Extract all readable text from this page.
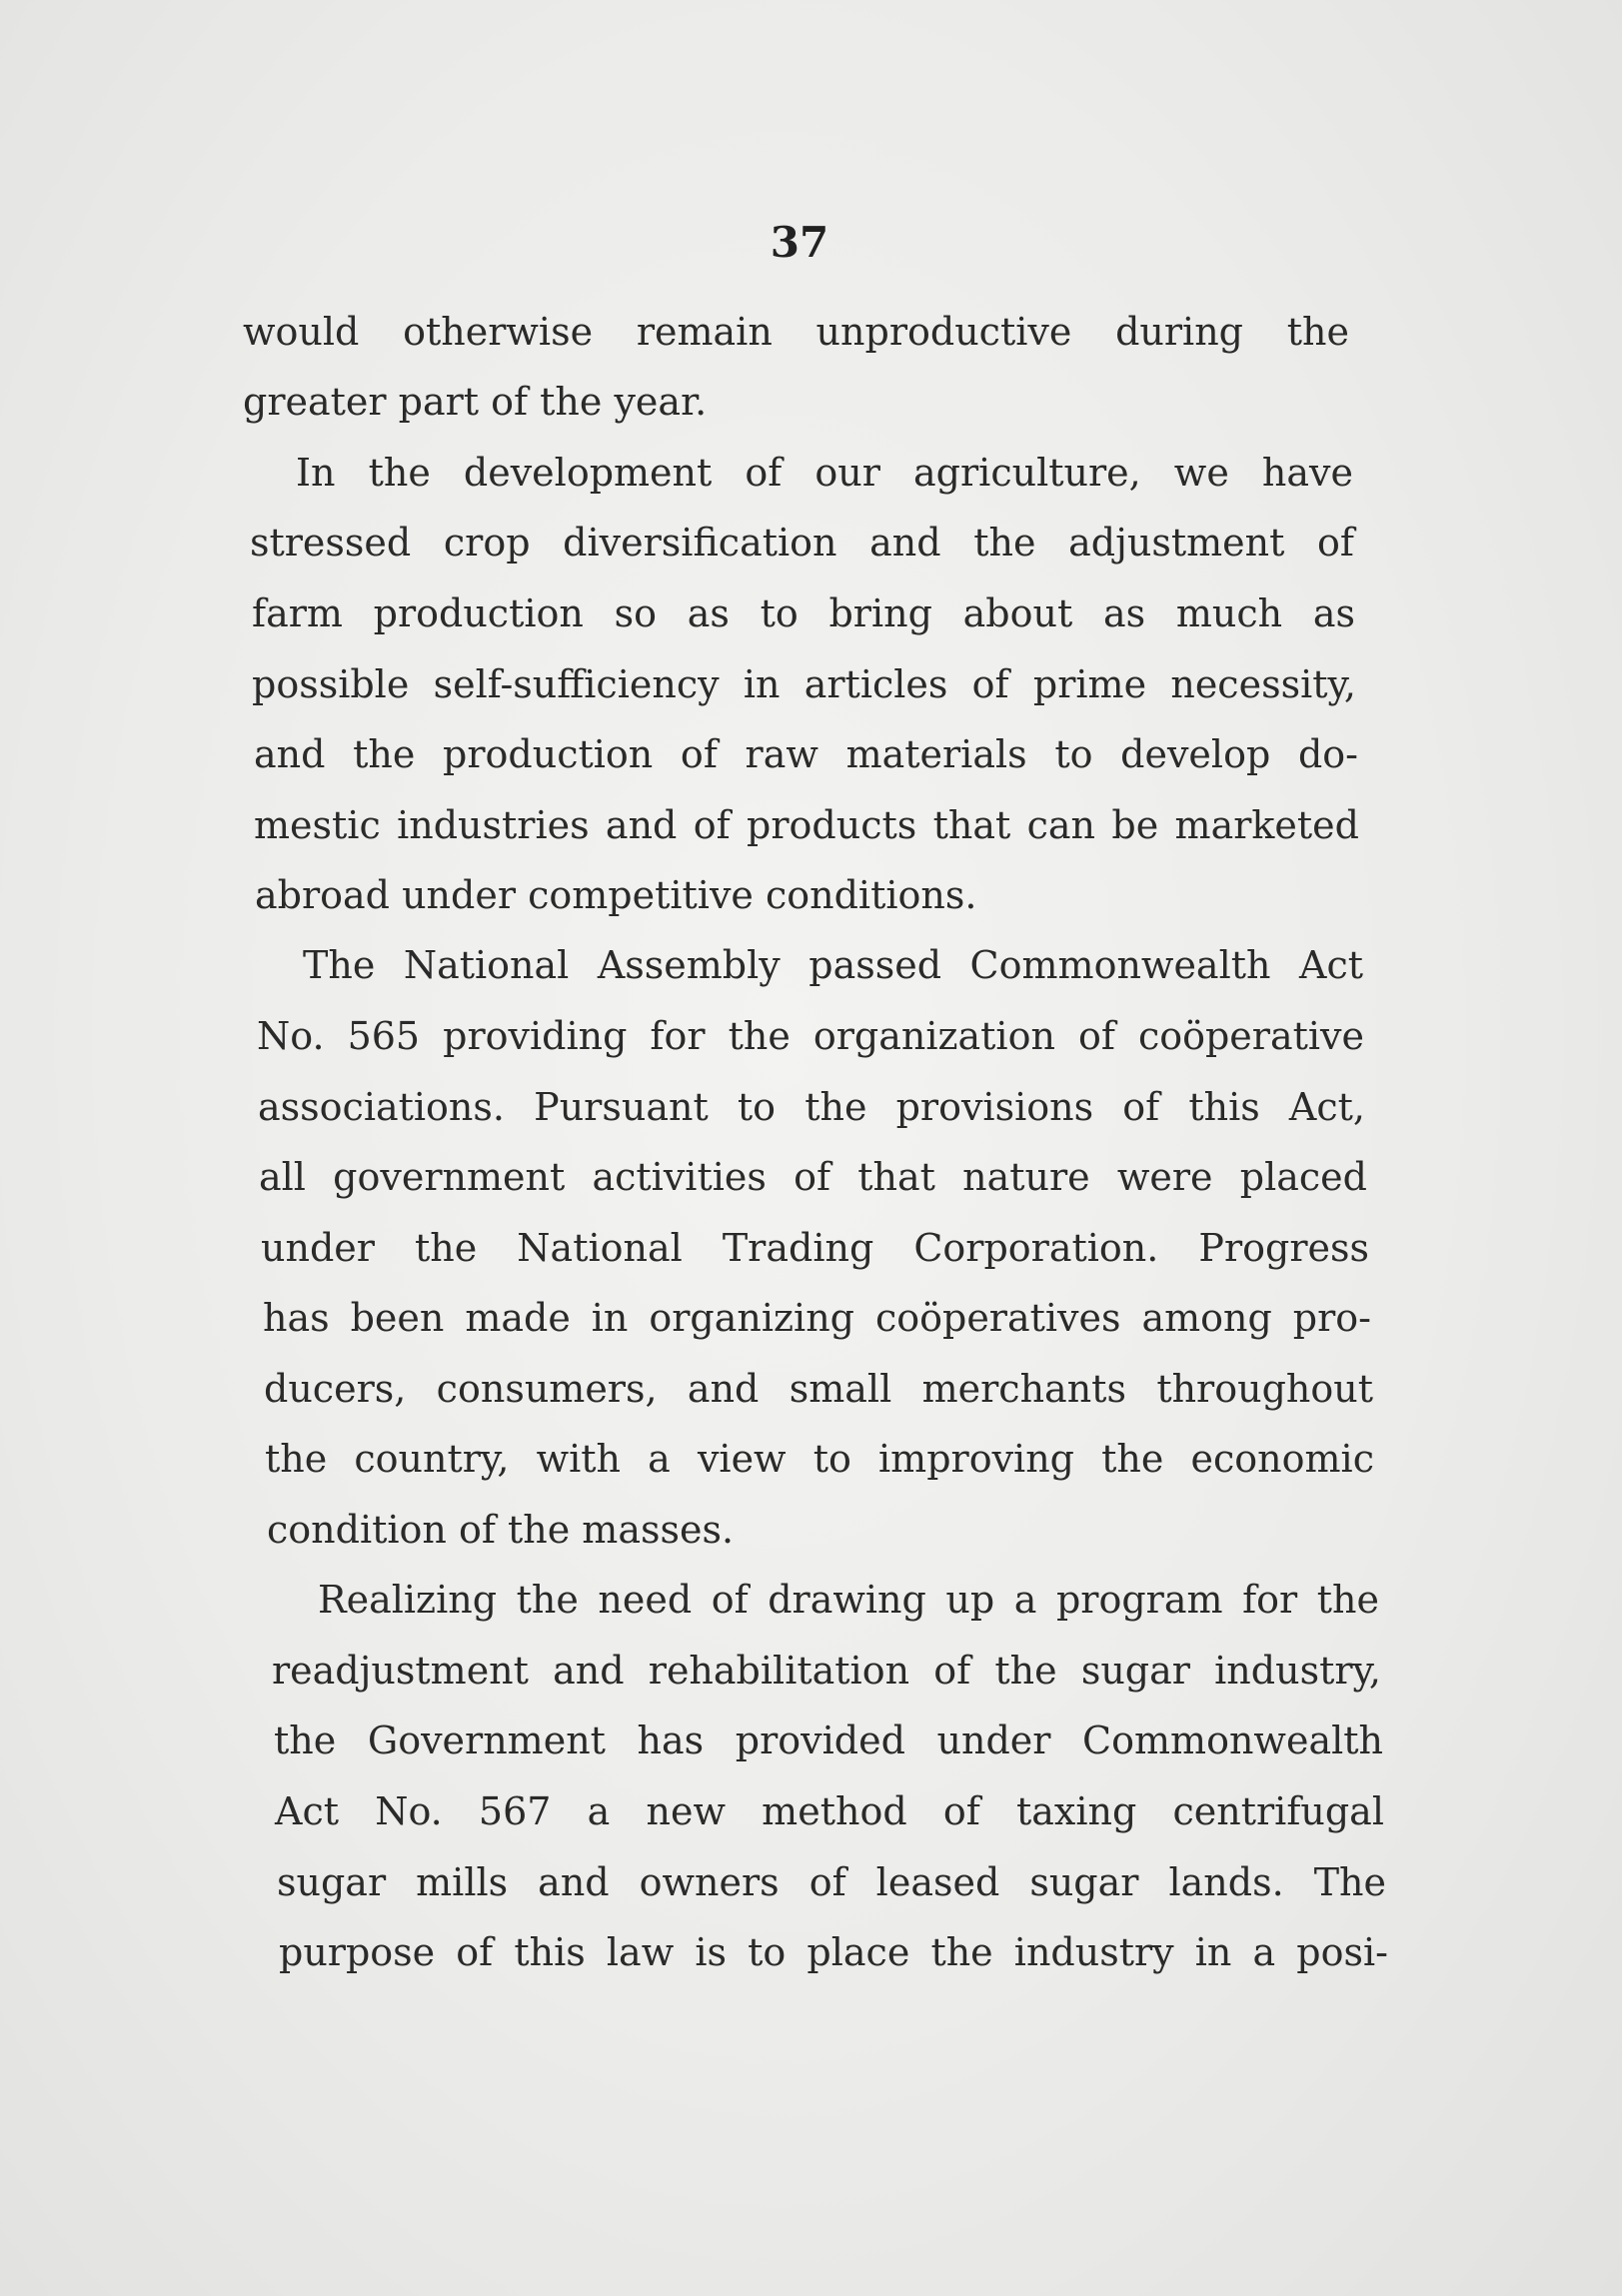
37
would otherwise remain unproductive during the
greater part of the year.
In the development of our agriculture, we have
stressed crop diversification and the adjustment of
farm production so as to bring about as much as
possible self-sufficiency in articles of prime necessity,
and the production of raw materials to develop do-
mestic industries and of products that can be marketed
abroad under competitive conditions.
The National Assembly passed Commonwealth Act
No. 565 providing for the organization of coöperative
associations. Pursuant to the provisions of this Act,
all government activities of that nature were placed
under the National Trading Corporation. Progress
has been made in organizing coöperatives among pro-
ducers, consumers, and small merchants throughout
the country, with a view to improving the economic
condition of the masses.
Realizing the need of drawing up a program for the
readjustment and rehabilitation of the sugar industry,
the Government has provided under Commonwealth
Act No. 567 a new method of taxing centrifugal
sugar mills and owners of leased sugar lands. The
purpose of this law is to place the industry in a posi-
